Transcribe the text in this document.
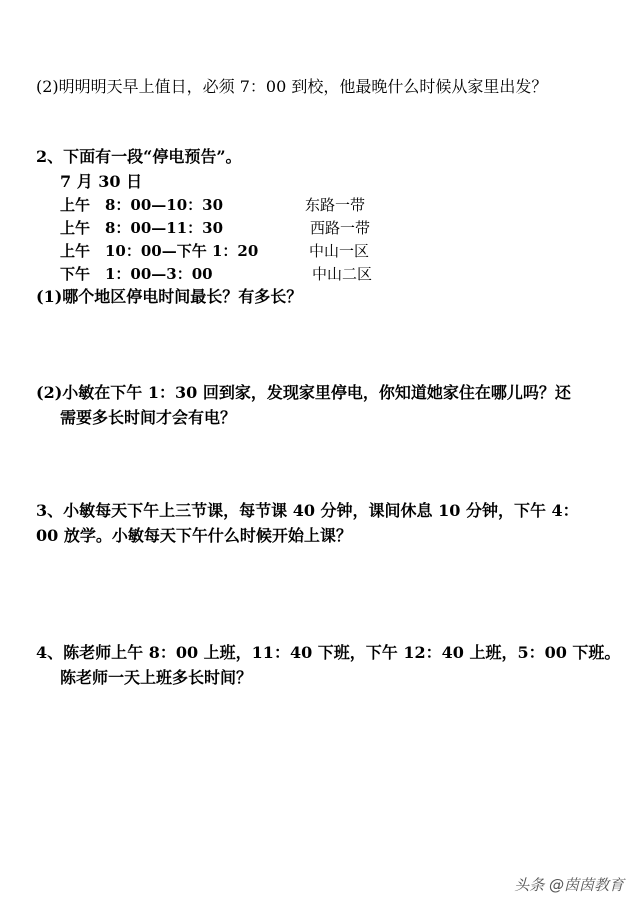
(2)明明明天早上值日，必须 7：00 到校，他最晚什么时候从家里出发？
2、下面有一段“停电预告”。
7 月 30 日
上午　8：00—10：30	东路一带
上午　8：00—11：30	西路一带
上午　10：00—下午 1：20	中山一区
下午　1：00—3：00	中山二区
(1)哪个地区停电时间最长？有多长？
(2)小敏在下午 1：30 回到家，发现家里停电，你知道她家住在哪儿吗？还
需要多长时间才会有电？
3、小敏每天下午上三节课，每节课 40 分钟，课间休息 10 分钟，下午 4：
00 放学。小敏每天下午什么时候开始上课？
4、陈老师上午 8：00 上班，11：40 下班，下午 12：40 上班，5：00 下班。
陈老师一天上班多长时间？
头条 @茵茵教育
